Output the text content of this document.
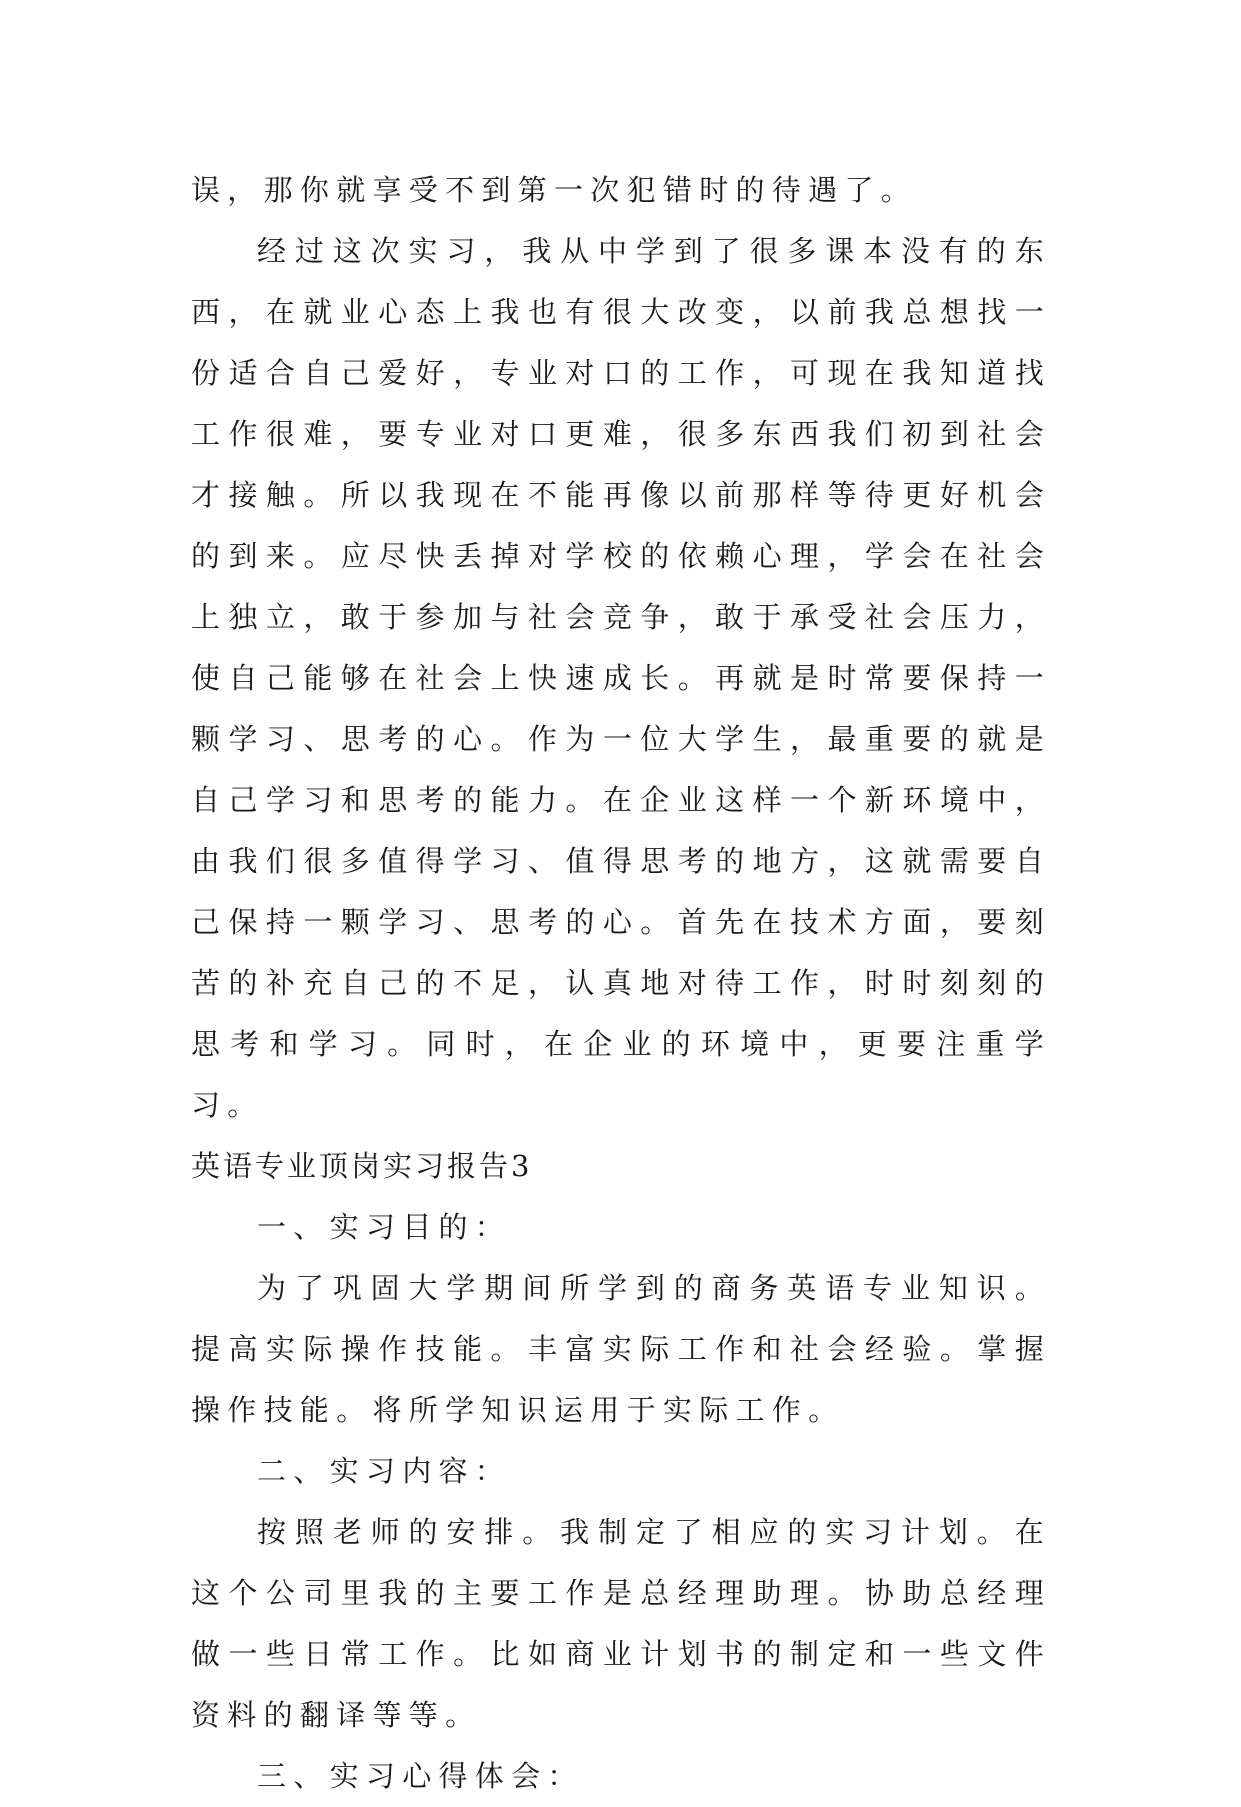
误，那你就享受不到第一次犯错时的待遇了。

经过这次实习，我从中学到了很多课本没有的东西，在就业心态上我也有很大改变，以前我总想找一份适合自己爱好，专业对口的工作，可现在我知道找工作很难，要专业对口更难，很多东西我们初到社会才接触。所以我现在不能再像以前那样等待更好机会的到来。应尽快丢掉对学校的依赖心理，学会在社会上独立，敢于参加与社会竞争，敢于承受社会压力，使自己能够在社会上快速成长。再就是时常要保持一颗学习、思考的心。作为一位大学生，最重要的就是自己学习和思考的能力。在企业这样一个新环境中，由我们很多值得学习、值得思考的地方，这就需要自己保持一颗学习、思考的心。首先在技术方面，要刻苦的补充自己的不足，认真地对待工作，时时刻刻的思考和学习。同时，在企业的环境中，更要注重学习。

英语专业顶岗实习报告3

一、实习目的：

为了巩固大学期间所学到的商务英语专业知识。提高实际操作技能。丰富实际工作和社会经验。掌握操作技能。将所学知识运用于实际工作。

二、实习内容：

按照老师的安排。我制定了相应的实习计划。在这个公司里我的主要工作是总经理助理。协助总经理做一些日常工作。比如商业计划书的制定和一些文件资料的翻译等等。

三、实习心得体会：
